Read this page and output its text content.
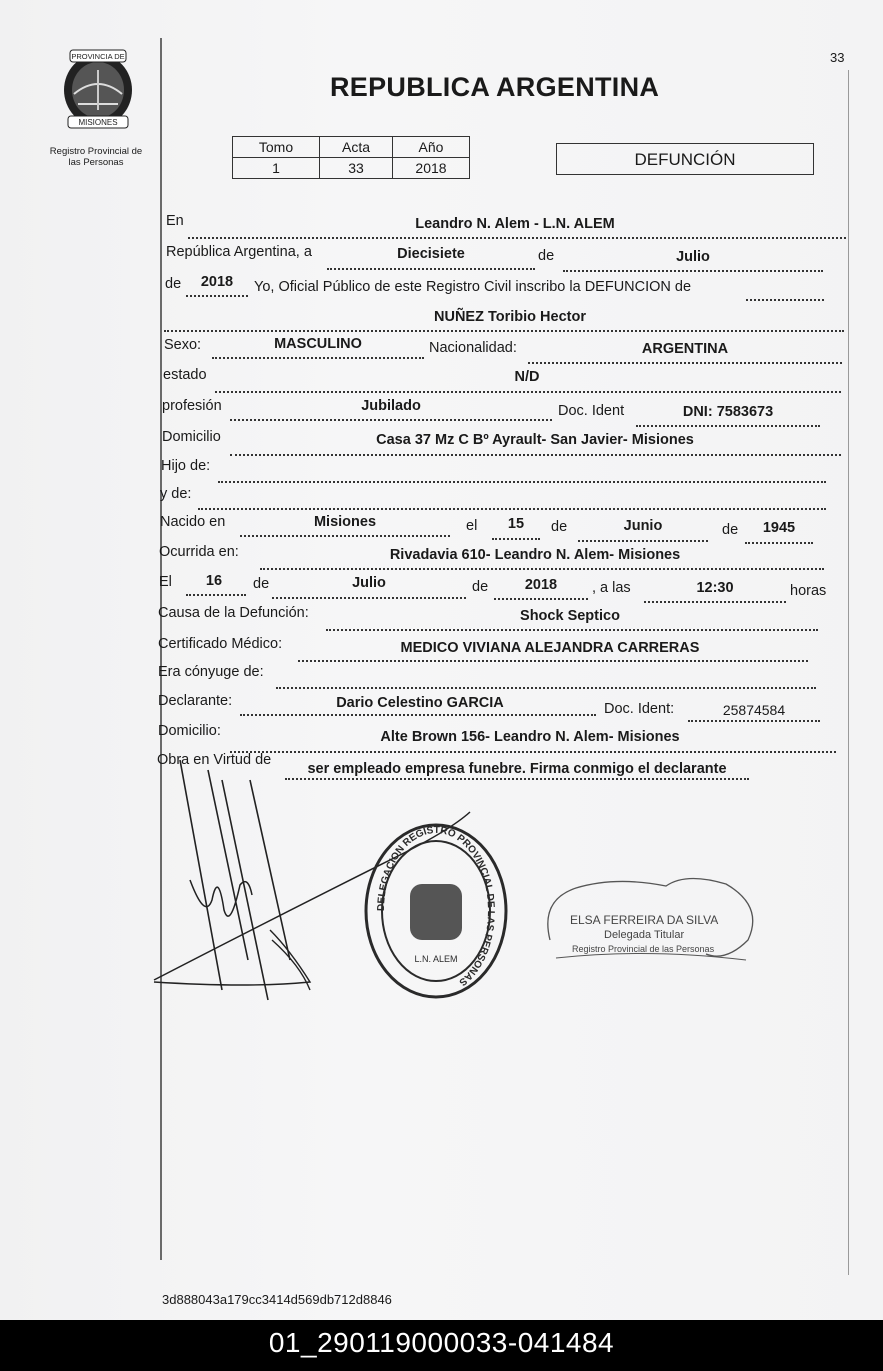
33
PROVINCIA DE
MISIONES
Registro Provincial de
las Personas
REPUBLICA ARGENTINA
Tomo	Acta	Año
1	33	2018	DEFUNCIÓN
En	Leandro N. Alem - L.N. ALEM
República Argentina, a	Diecisiete	de	Julio
de	2018	Yo, Oficial Público de este Registro Civil inscribo la DEFUNCION de
NUÑEZ Toribio Hector
Sexo:	MASCULINO	Nacionalidad:	ARGENTINA
estado	N/D
profesión	Jubilado	Doc. Ident	DNI: 7583673
Domicilio	Casa 37 Mz C Bº Ayrault- San Javier- Misiones
Hijo de:
y de:
Nacido en	Misiones	el	15	de	Junio	de	1945
Ocurrida en:	Rivadavia 610- Leandro N. Alem- Misiones
El	16	de	Julio	de	2018	, a las	12:30	horas
Causa de la Defunción:	Shock Septico
Certificado Médico:	MEDICO VIVIANA ALEJANDRA CARRERAS
Era cónyuge de:
Declarante:	Dario Celestino GARCIA	Doc. Ident:	25874584
Domicilio:	Alte Brown 156- Leandro N. Alem- Misiones
Obra en Virtud de
ser empleado empresa funebre. Firma conmigo el declarante
DELEGACION REGISTRO PROVINCIAL DE LAS PERSONAS
L.N. ALEM
ELSA FERREIRA DA SILVA
Delegada Titular
Registro Provincial de las Personas
3d888043a179cc3414d569db712d8846
01_290119000033-041484
